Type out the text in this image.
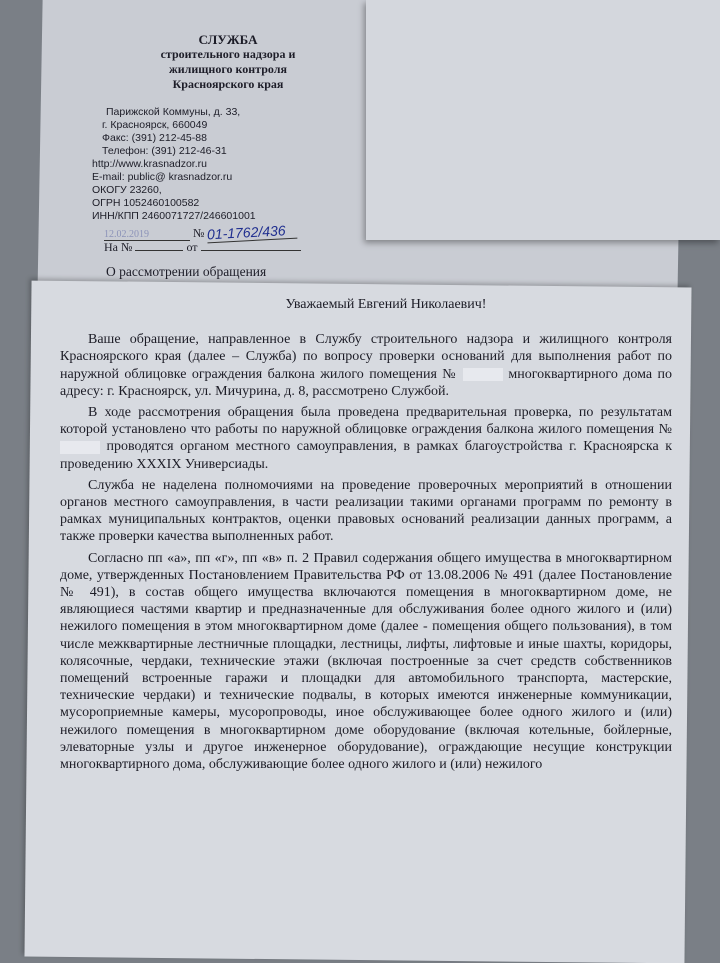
СЛУЖБА
строительного надзора и
жилищного контроля
Красноярского края
Парижской Коммуны, д. 33,
г. Красноярск, 660049
Факс: (391) 212-45-88
Телефон: (391) 212-46-31
http://www.krasnadzor.ru
E-mail: public@ krasnadzor.ru
ОКОГУ 23260,
ОГРН 1052460100582
ИНН/КПП 2460071727/246601001
12.02.2019	№ 01-1762/436
На №	от
О рассмотрении обращения
Уважаемый Евгений Николаевич!

Ваше обращение, направленное в Службу строительного надзора и жилищного контроля Красноярского края (далее – Служба) по вопросу проверки оснований для выполнения работ по наружной облицовке ограждения балкона жилого помещения №	многоквартирного дома по адресу: г. Красноярск, ул. Мичурина, д. 8, рассмотрено Службой.

В ходе рассмотрения обращения была проведена предварительная проверка, по результатам которой установлено что работы по наружной облицовке ограждения балкона жилого помещения №  проводятся органом местного самоуправления, в рамках благоустройства г. Красноярска к проведению XXXIX Универсиады.

Служба не наделена полномочиями на проведение проверочных мероприятий в отношении органов местного самоуправления, в части реализации такими органами программ по ремонту в рамках муниципальных контрактов, оценки правовых оснований реализации данных программ, а также проверки качества выполненных работ.

Согласно пп «а», пп «г», пп «в» п. 2 Правил содержания общего имущества в многоквартирном доме, утвержденных Постановлением Правительства РФ от 13.08.2006 № 491 (далее Постановление № 491), в состав общего имущества включаются помещения в многоквартирном доме, не являющиеся частями квартир и предназначенные для обслуживания более одного жилого и (или) нежилого помещения в этом многоквартирном доме (далее - помещения общего пользования), в том числе межквартирные лестничные площадки, лестницы, лифты, лифтовые и иные шахты, коридоры, колясочные, чердаки, технические этажи (включая построенные за счет средств собственников помещений встроенные гаражи и площадки для автомобильного транспорта, мастерские, технические чердаки) и технические подвалы, в которых имеются инженерные коммуникации, мусороприемные камеры, мусоропроводы, иное обслуживающее более одного жилого и (или) нежилого помещения в многоквартирном доме оборудование (включая котельные, бойлерные, элеваторные узлы и другое инженерное оборудование), ограждающие несущие конструкции многоквартирного дома, обслуживающие более одного жилого и (или) нежилого
